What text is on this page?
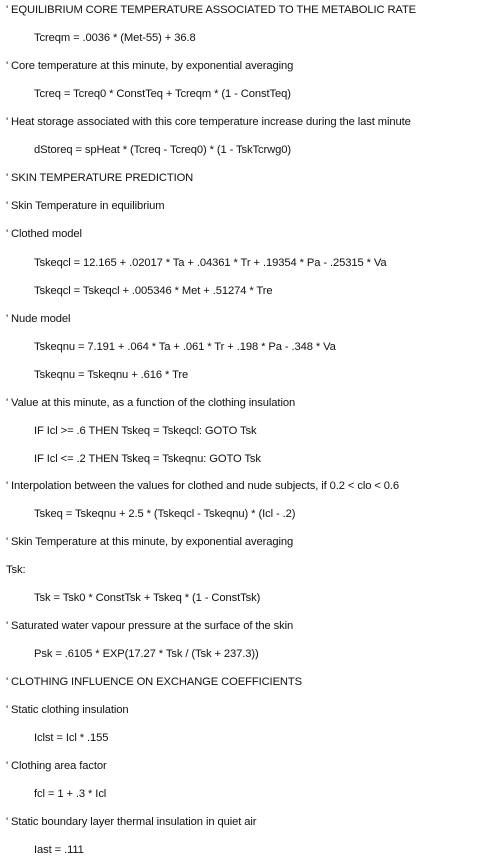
' EQUILIBRIUM CORE TEMPERATURE ASSOCIATED TO THE METABOLIC RATE
Tcreqm = .0036 * (Met-55) + 36.8
' Core temperature at this minute, by exponential averaging
Tcreq = Tcreq0 * ConstTeq + Tcreqm * (1 - ConstTeq)
' Heat storage associated with this core temperature increase during the last minute
dStoreq = spHeat * (Tcreq - Tcreq0) * (1 - TskTcrwg0)
' SKIN TEMPERATURE PREDICTION
' Skin Temperature in equilibrium
' Clothed model
Tskeqcl = 12.165 + .02017 * Ta + .04361 * Tr + .19354 * Pa - .25315 * Va
Tskeqcl = Tskeqcl + .005346 * Met + .51274 * Tre
' Nude model
Tskeqnu = 7.191 + .064 * Ta + .061 * Tr + .198 * Pa - .348 * Va
Tskeqnu = Tskeqnu + .616 * Tre
' Value at this minute, as a function of the clothing insulation
IF Icl >= .6 THEN Tskeq = Tskeqcl: GOTO Tsk
IF Icl <= .2 THEN Tskeq = Tskeqnu: GOTO Tsk
' Interpolation between the values for clothed and nude subjects, if 0.2 < clo < 0.6
Tskeq = Tskeqnu + 2.5 * (Tskeqcl - Tskeqnu) * (Icl - .2)
' Skin Temperature at this minute, by exponential averaging
Tsk:
Tsk = Tsk0 * ConstTsk + Tskeq * (1 - ConstTsk)
' Saturated water vapour pressure at the surface of the skin
Psk = .6105 * EXP(17.27 * Tsk / (Tsk + 237.3))
' CLOTHING INFLUENCE ON EXCHANGE COEFFICIENTS
' Static clothing insulation
Iclst = Icl * .155
' Clothing area factor
fcl = 1 + .3 * Icl
' Static boundary layer thermal insulation in quiet air
Iast = .111
